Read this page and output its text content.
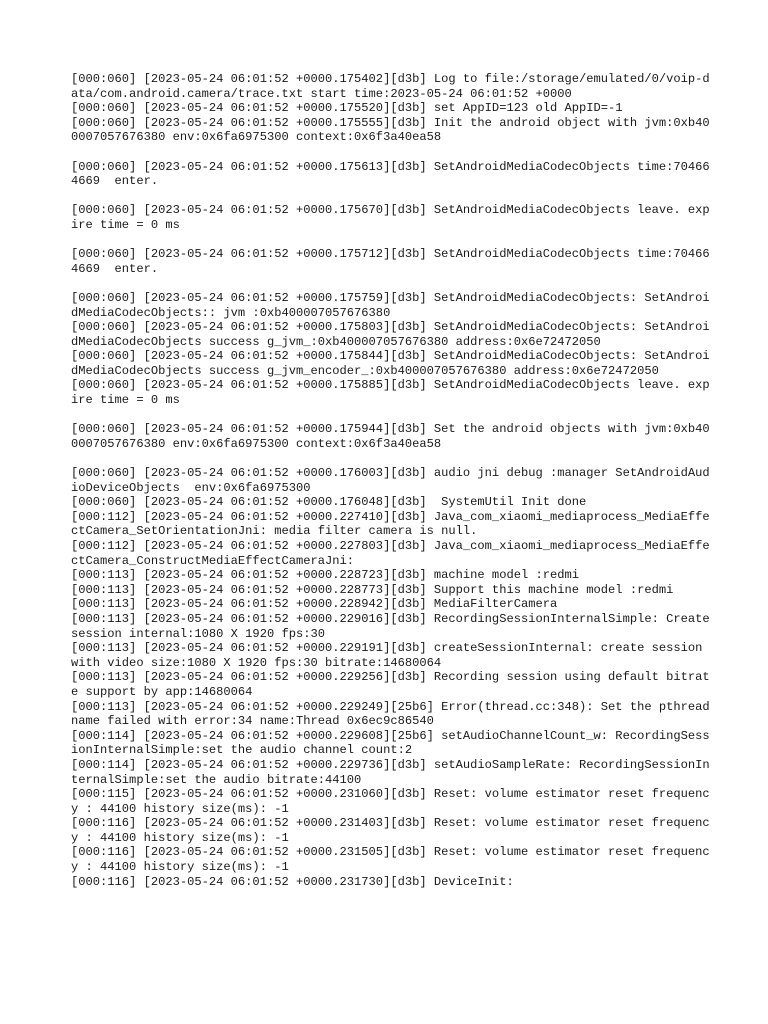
[000:060] [2023-05-24 06:01:52 +0000.175402][d3b] Log to file:/storage/emulated/0/voip-data/com.android.camera/trace.txt start time:2023-05-24 06:01:52 +0000
[000:060] [2023-05-24 06:01:52 +0000.175520][d3b] set AppID=123 old AppID=-1
[000:060] [2023-05-24 06:01:52 +0000.175555][d3b] Init the android object with jvm:0xb400007057676380 env:0x6fa6975300 context:0x6f3a40ea58
[000:060] [2023-05-24 06:01:52 +0000.175613][d3b] SetAndroidMediaCodecObjects time:704664669  enter.
[000:060] [2023-05-24 06:01:52 +0000.175670][d3b] SetAndroidMediaCodecObjects leave. expire time = 0 ms
[000:060] [2023-05-24 06:01:52 +0000.175712][d3b] SetAndroidMediaCodecObjects time:704664669  enter.
[000:060] [2023-05-24 06:01:52 +0000.175759][d3b] SetAndroidMediaCodecObjects: SetAndroidMediaCodecObjects:: jvm :0xb400007057676380
[000:060] [2023-05-24 06:01:52 +0000.175803][d3b] SetAndroidMediaCodecObjects: SetAndroidMediaCodecObjects success g_jvm_:0xb400007057676380 address:0x6e72472050
[000:060] [2023-05-24 06:01:52 +0000.175844][d3b] SetAndroidMediaCodecObjects: SetAndroidMediaCodecObjects success g_jvm_encoder_:0xb400007057676380 address:0x6e72472050
[000:060] [2023-05-24 06:01:52 +0000.175885][d3b] SetAndroidMediaCodecObjects leave. expire time = 0 ms
[000:060] [2023-05-24 06:01:52 +0000.175944][d3b] Set the android objects with jvm:0xb400007057676380 env:0x6fa6975300 context:0x6f3a40ea58
[000:060] [2023-05-24 06:01:52 +0000.176003][d3b] audio jni debug :manager SetAndroidAudioDeviceObjects  env:0x6fa6975300
[000:060] [2023-05-24 06:01:52 +0000.176048][d3b]  SystemUtil Init done
[000:112] [2023-05-24 06:01:52 +0000.227410][d3b] Java_com_xiaomi_mediaprocess_MediaEffectCamera_SetOrientationJni: media filter camera is null.
[000:112] [2023-05-24 06:01:52 +0000.227803][d3b] Java_com_xiaomi_mediaprocess_MediaEffectCamera_ConstructMediaEffectCameraJni:
[000:113] [2023-05-24 06:01:52 +0000.228723][d3b] machine model :redmi
[000:113] [2023-05-24 06:01:52 +0000.228773][d3b] Support this machine model :redmi
[000:113] [2023-05-24 06:01:52 +0000.228942][d3b] MediaFilterCamera
[000:113] [2023-05-24 06:01:52 +0000.229016][d3b] RecordingSessionInternalSimple: Create session internal:1080 X 1920 fps:30
[000:113] [2023-05-24 06:01:52 +0000.229191][d3b] createSessionInternal: create session with video size:1080 X 1920 fps:30 bitrate:14680064
[000:113] [2023-05-24 06:01:52 +0000.229256][d3b] Recording session using default bitrate support by app:14680064
[000:113] [2023-05-24 06:01:52 +0000.229249][25b6] Error(thread.cc:348): Set the pthread name failed with error:34 name:Thread 0x6ec9c86540
[000:114] [2023-05-24 06:01:52 +0000.229608][25b6] setAudioChannelCount_w: RecordingSessionInternalSimple:set the audio channel count:2
[000:114] [2023-05-24 06:01:52 +0000.229736][d3b] setAudioSampleRate: RecordingSessionInternalSimple:set the audio bitrate:44100
[000:115] [2023-05-24 06:01:52 +0000.231060][d3b] Reset: volume estimator reset frequency : 44100 history size(ms): -1
[000:116] [2023-05-24 06:01:52 +0000.231403][d3b] Reset: volume estimator reset frequency : 44100 history size(ms): -1
[000:116] [2023-05-24 06:01:52 +0000.231505][d3b] Reset: volume estimator reset frequency : 44100 history size(ms): -1
[000:116] [2023-05-24 06:01:52 +0000.231730][d3b] DeviceInit:
